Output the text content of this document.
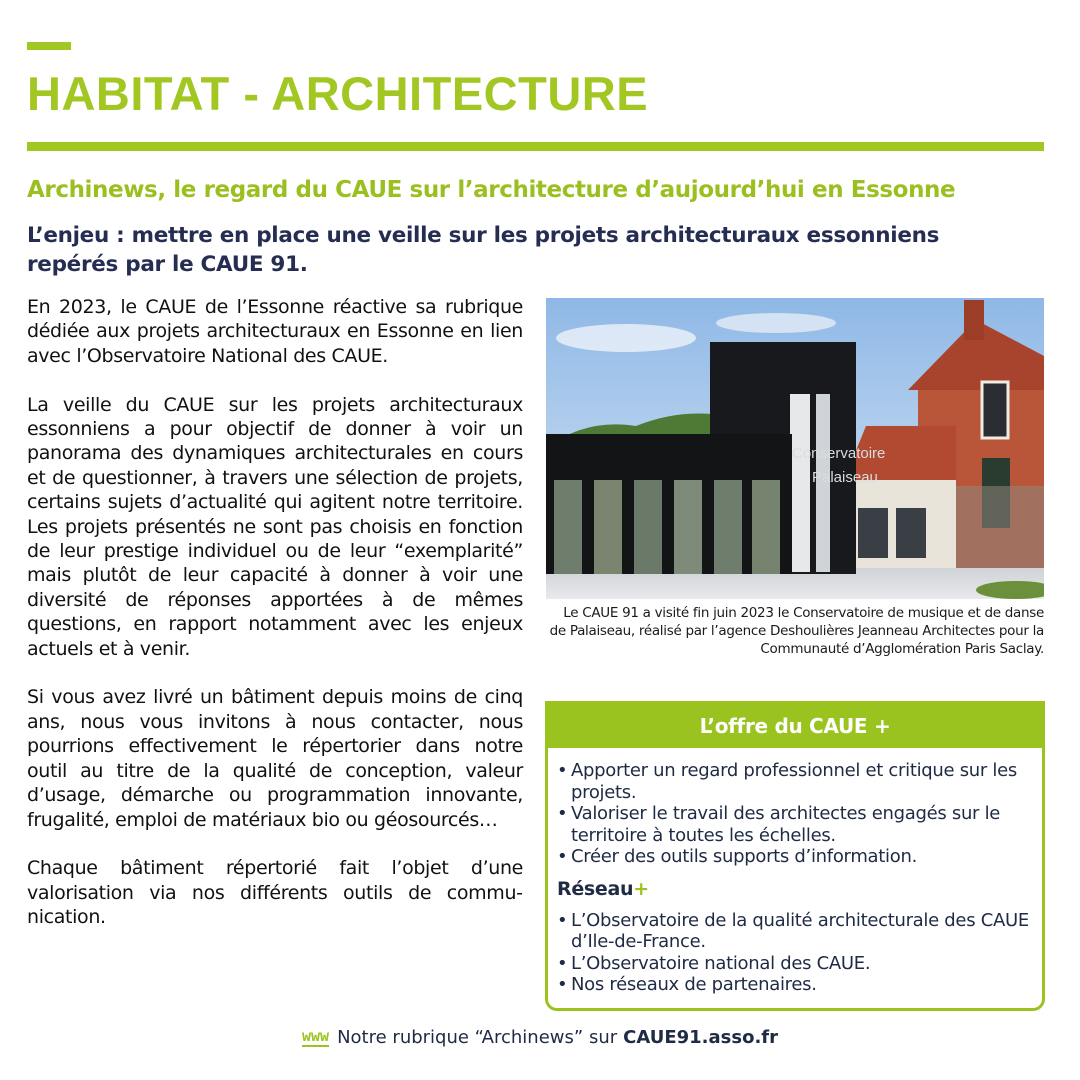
HABITAT - ARCHITECTURE
Archinews, le regard du CAUE sur l’architecture d’aujourd’hui en Essonne
L’enjeu : mettre en place une veille sur les projets architecturaux essonniens repérés par le CAUE 91.

En 2023, le CAUE de l’Essonne réactive sa rubrique dédiée aux projets architecturaux en Essonne en lien avec l’Observatoire National des CAUE.

La veille du CAUE sur les projets architecturaux essonniens a pour objectif de donner à voir un panorama des dynamiques architecturales en cours et de questionner, à travers une sélection de projets, certains sujets d’actualité qui agitent notre territoire. Les projets présentés ne sont pas choisis en fonction de leur prestige individuel ou de leur “exemplarité” mais plutôt de leur capacité à donner à voir une diversité de réponses apportées à de mêmes questions, en rapport notamment avec les enjeux actuels et à venir.

Si vous avez livré un bâtiment depuis moins de cinq ans, nous vous invitons à nous contacter, nous pourrions effectivement le répertorier dans notre outil au titre de la qualité de conception, valeur d’usage, démarche ou programmation innovante, frugalité, emploi de matériaux bio ou géosourcés…

Chaque bâtiment répertorié fait l’objet d’une valorisation via nos différents outils de communication.

Conservatoire
Palaiseau

Le CAUE 91 a visité fin juin 2023 le Conservatoire de musique et de danse de Palaiseau, réalisé par l’agence Deshoulières Jeanneau Architectes pour la Communauté d’Agglomération Paris Saclay.

L’offre du CAUE +
• Apporter un regard professionnel et critique sur les projets.
• Valoriser le travail des architectes engagés sur le territoire à toutes les échelles.
• Créer des outils supports d’information.
Réseau+
• L’Observatoire de la qualité architecturale des CAUE d’Ile-de-France.
• L’Observatoire national des CAUE.
• Nos réseaux de partenaires.
www Notre rubrique “Archinews” sur CAUE91.asso.fr
